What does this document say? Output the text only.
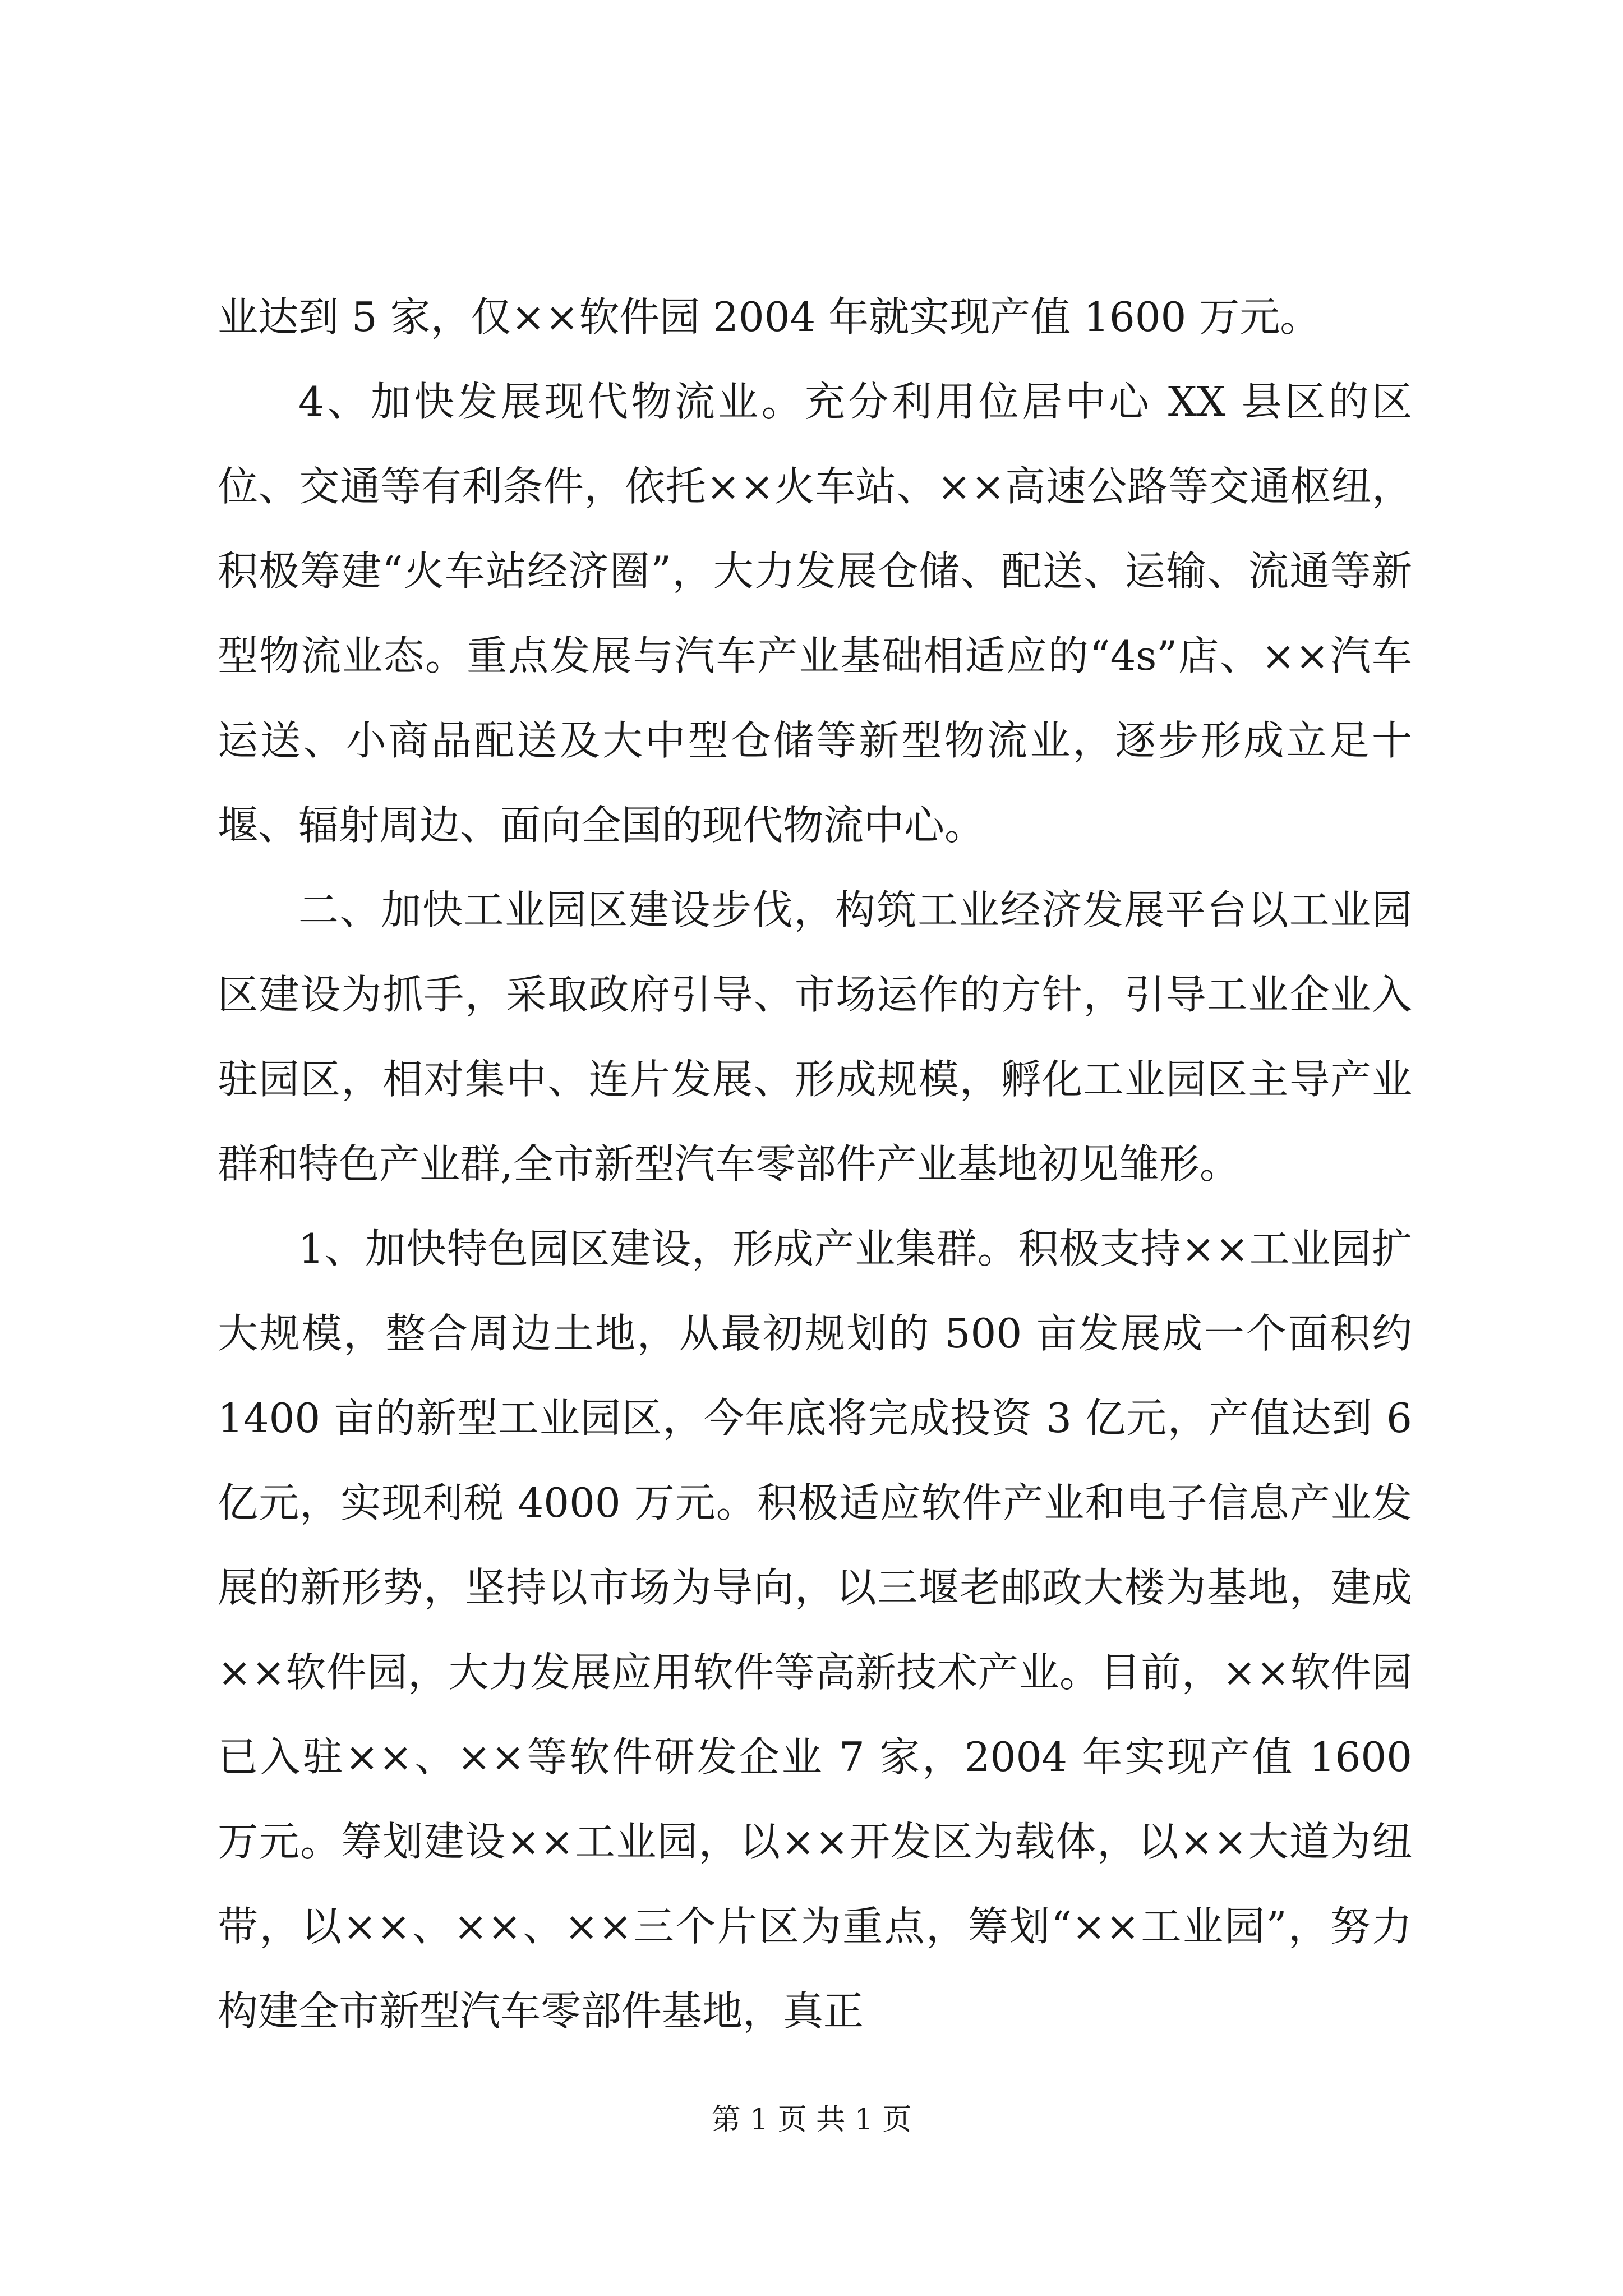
业达到 5 家，仅××软件园 2004 年就实现产值 1600 万元。

4、加快发展现代物流业。充分利用位居中心 XX 县区的区位、交通等有利条件，依托××火车站、××高速公路等交通枢纽，积极筹建“火车站经济圈”，大力发展仓储、配送、运输、流通等新型物流业态。重点发展与汽车产业基础相适应的“4s”店、××汽车运送、小商品配送及大中型仓储等新型物流业，逐步形成立足十堰、辐射周边、面向全国的现代物流中心。

二、加快工业园区建设步伐，构筑工业经济发展平台以工业园区建设为抓手，采取政府引导、市场运作的方针，引导工业企业入驻园区，相对集中、连片发展、形成规模，孵化工业园区主导产业群和特色产业群,全市新型汽车零部件产业基地初见雏形。

1、加快特色园区建设，形成产业集群。积极支持××工业园扩大规模，整合周边土地，从最初规划的 500 亩发展成一个面积约 1400 亩的新型工业园区，今年底将完成投资 3 亿元，产值达到 6 亿元，实现利税 4000 万元。积极适应软件产业和电子信息产业发展的新形势，坚持以市场为导向，以三堰老邮政大楼为基地，建成××软件园，大力发展应用软件等高新技术产业。目前，××软件园已入驻××、××等软件研发企业 7 家，2004 年实现产值 1600 万元。筹划建设××工业园，以××开发区为载体，以××大道为纽带，以××、××、××三个片区为重点，筹划“××工业园”，努力构建全市新型汽车零部件基地，真正

第 1 页 共 1 页
